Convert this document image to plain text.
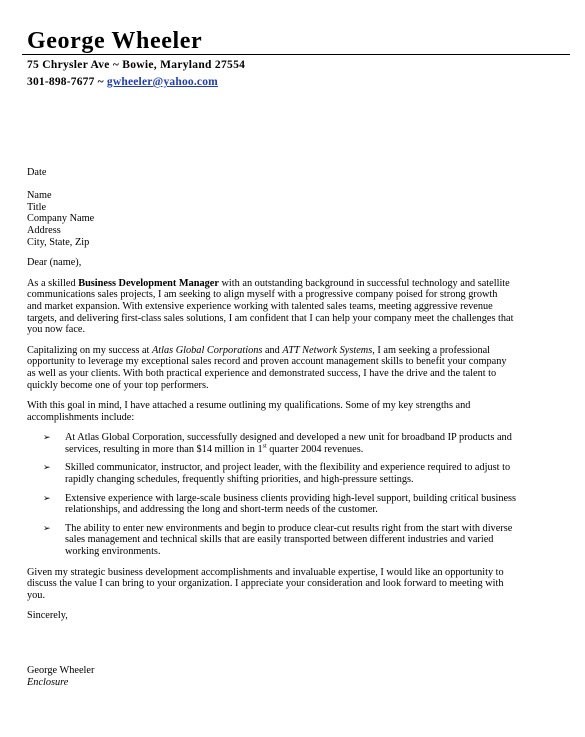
George Wheeler
75 Chrysler Ave ~ Bowie, Maryland 27554
301-898-7677 ~ gwheeler@yahoo.com
Date
Name
Title
Company Name
Address
City, State, Zip
Dear (name),
As a skilled Business Development Manager with an outstanding background in successful technology and satellite
communications sales projects, I am seeking to align myself with a progressive company poised for strong growth
and market expansion. With extensive experience working with talented sales teams, meeting aggressive revenue
targets, and delivering first-class sales solutions, I am confident that I can help your company meet the challenges that
you now face.
Capitalizing on my success at Atlas Global Corporations and ATT Network Systems, I am seeking a professional
opportunity to leverage my exceptional sales record and proven account management skills to benefit your company
as well as your clients. With both practical experience and demonstrated success, I have the drive and the talent to
quickly become one of your top performers.
With this goal in mind, I have attached a resume outlining my qualifications. Some of my key strengths and
accomplishments include:
➢ At Atlas Global Corporation, successfully designed and developed a new unit for broadband IP products and
services, resulting in more than $14 million in 1st quarter 2004 revenues.
➢ Skilled communicator, instructor, and project leader, with the flexibility and experience required to adjust to
rapidly changing schedules, frequently shifting priorities, and high-pressure settings.
➢ Extensive experience with large-scale business clients providing high-level support, building critical business
relationships, and addressing the long and short-term needs of the customer.
➢ The ability to enter new environments and begin to produce clear-cut results right from the start with diverse
sales management and technical skills that are easily transported between different industries and varied
working environments.
Given my strategic business development accomplishments and invaluable expertise, I would like an opportunity to
discuss the value I can bring to your organization. I appreciate your consideration and look forward to meeting with
you.
Sincerely,
George Wheeler
Enclosure
